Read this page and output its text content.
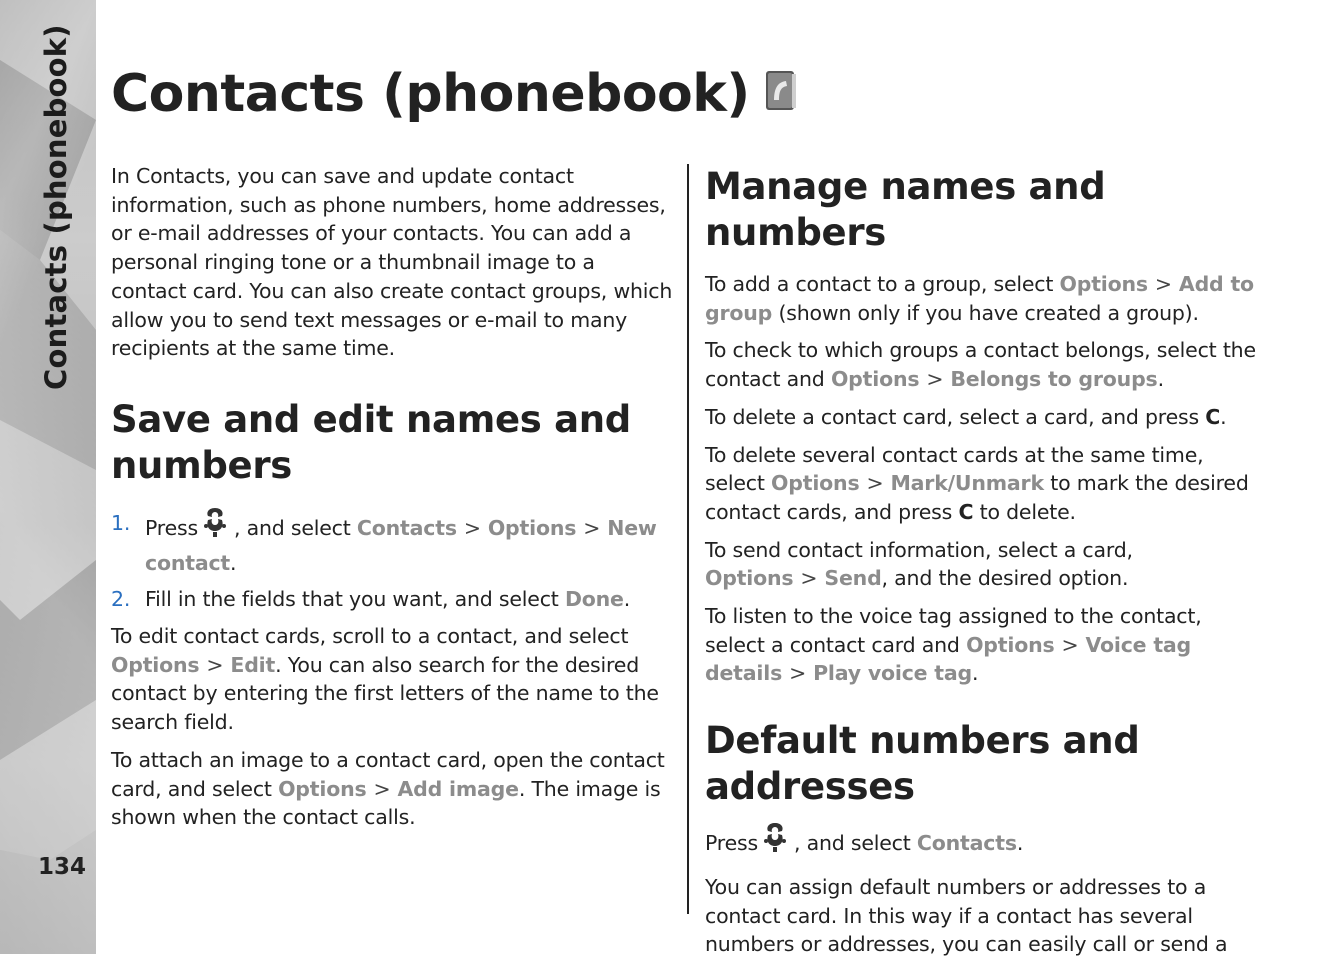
Contacts (phonebook)
134
Contacts (phonebook)

In Contacts, you can save and update contact information, such as phone numbers, home addresses, or e-mail addresses of your contacts. You can add a personal ringing tone or a thumbnail image to a contact card. You can also create contact groups, which allow you to send text messages or e-mail to many recipients at the same time.

Save and edit names and numbers
1. Press , and select Contacts > Options > New contact.
2. Fill in the fields that you want, and select Done.

To edit contact cards, scroll to a contact, and select Options > Edit. You can also search for the desired contact by entering the first letters of the name to the search field.

To attach an image to a contact card, open the contact card, and select Options > Add image. The image is shown when the contact calls.

Manage names and numbers

To add a contact to a group, select Options > Add to group (shown only if you have created a group).

To check to which groups a contact belongs, select the contact and Options > Belongs to groups.

To delete a contact card, select a card, and press C.

To delete several contact cards at the same time, select Options > Mark/Unmark to mark the desired contact cards, and press C to delete.

To send contact information, select a card, Options > Send, and the desired option.

To listen to the voice tag assigned to the contact, select a contact card and Options > Voice tag details > Play voice tag.

Default numbers and addresses

Press , and select Contacts.

You can assign default numbers or addresses to a contact card. In this way if a contact has several numbers or addresses, you can easily call or send a
